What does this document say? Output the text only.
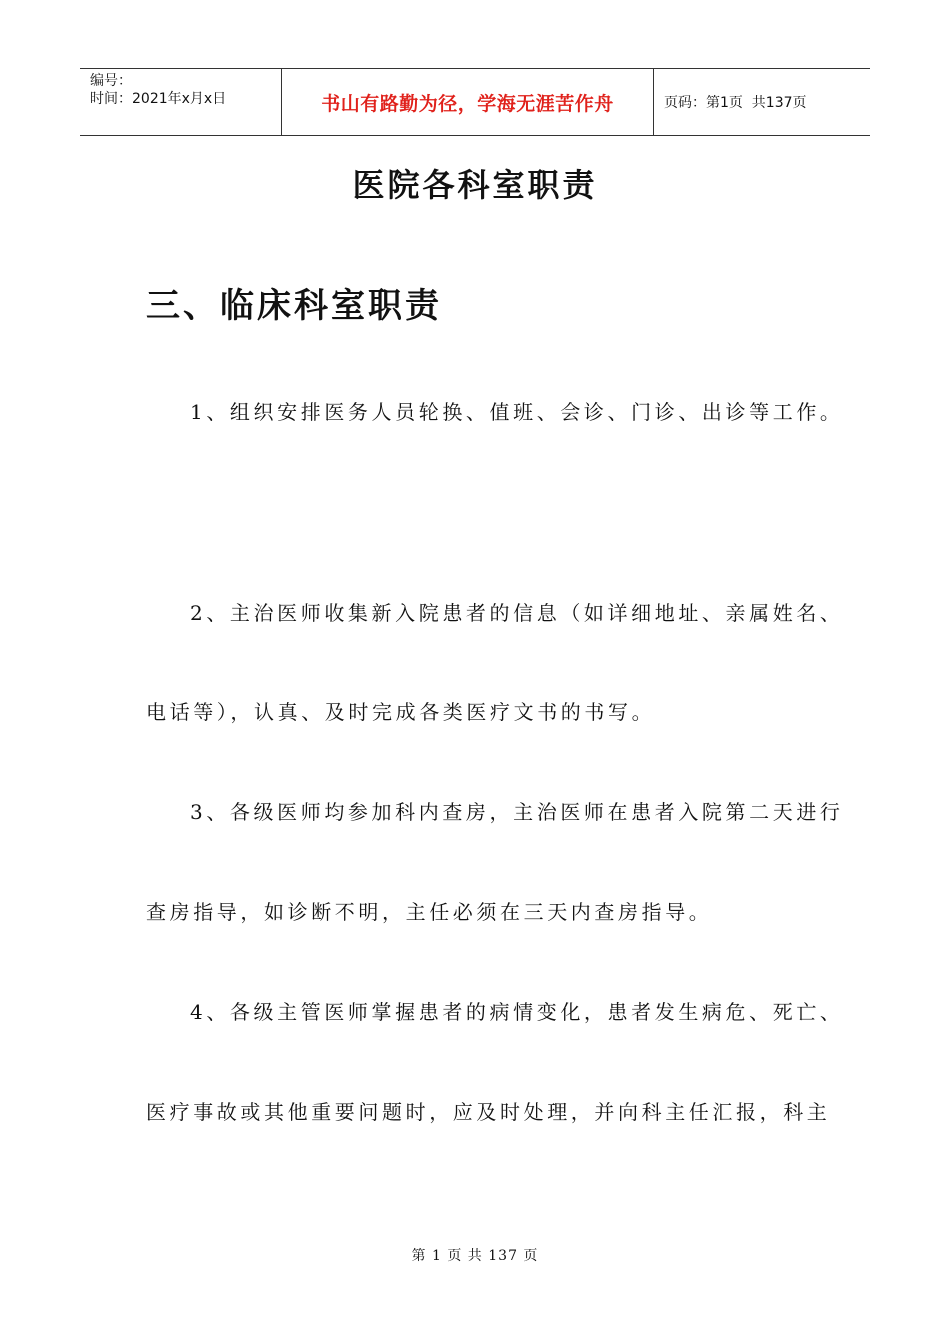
编号：
时间：2021年x月x日	书山有路勤为径，学海无涯苦作舟	页码：第1页  共137页
医院各科室职责
三、临床科室职责
1、组织安排医务人员轮换、值班、会诊、门诊、出诊等工作。
2、主治医师收集新入院患者的信息（如详细地址、亲属姓名、
电话等），认真、及时完成各类医疗文书的书写。
3、各级医师均参加科内查房，主治医师在患者入院第二天进行
查房指导，如诊断不明，主任必须在三天内查房指导。
4、各级主管医师掌握患者的病情变化，患者发生病危、死亡、
医疗事故或其他重要问题时，应及时处理，并向科主任汇报，科主
第 1 页 共 137 页
